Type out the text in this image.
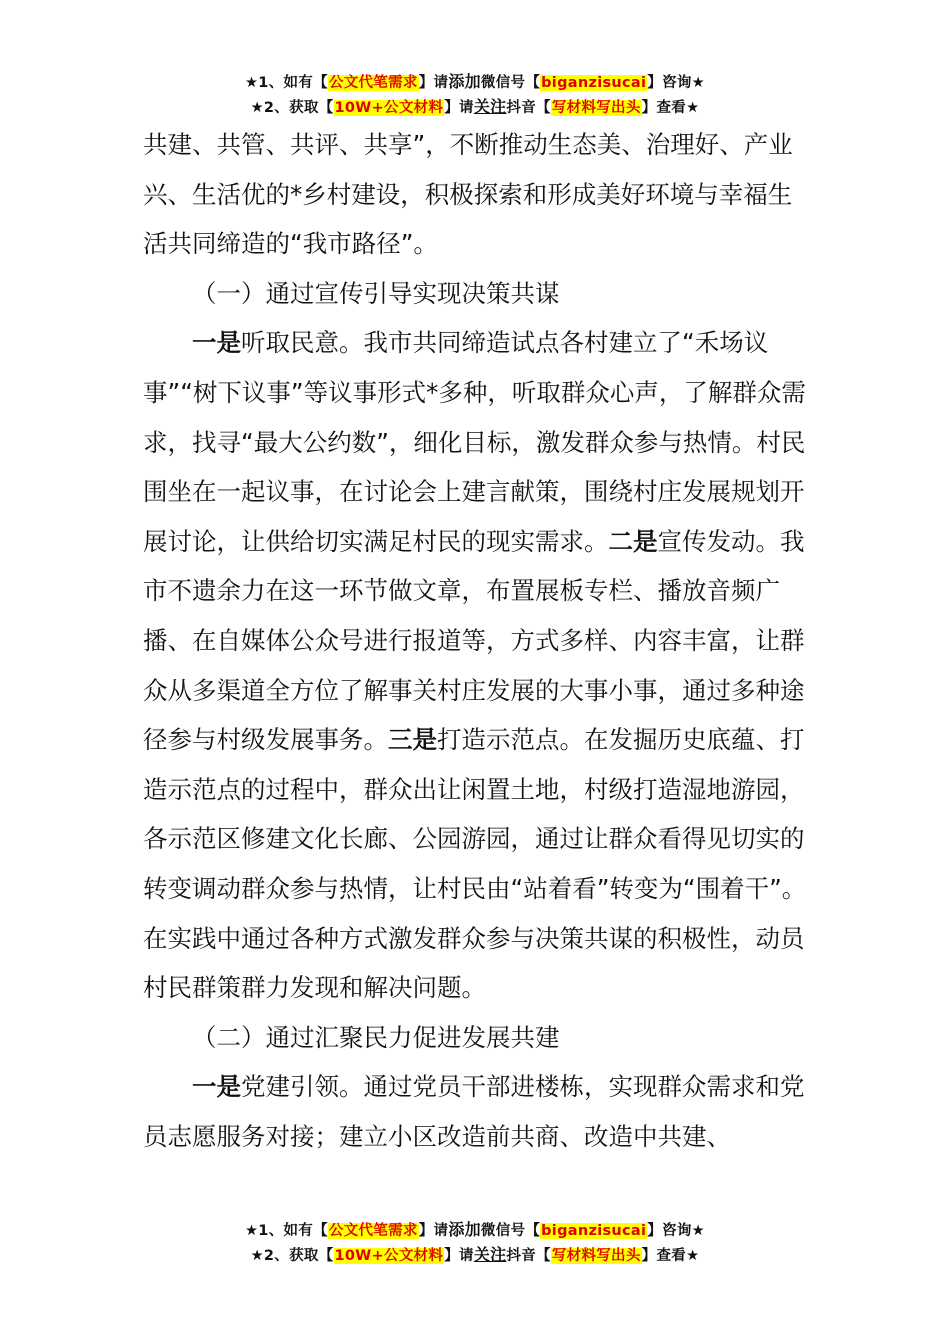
★1、如有【公文代笔需求】请添加微信号【biganzisucai】咨询★
★2、获取【10W+公文材料】请关注抖音【写材料写出头】查看★

共建、共管、共评、共享”，不断推动生态美、治理好、产业兴、生活优的*乡村建设，积极探索和形成美好环境与幸福生活共同缔造的“我市路径”。

（一）通过宣传引导实现决策共谋

一是听取民意。我市共同缔造试点各村建立了“禾场议事”“树下议事”等议事形式*多种，听取群众心声，了解群众需求，找寻“最大公约数”，细化目标，激发群众参与热情。村民围坐在一起议事，在讨论会上建言献策，围绕村庄发展规划开展讨论，让供给切实满足村民的现实需求。二是宣传发动。我市不遗余力在这一环节做文章，布置展板专栏、播放音频广播、在自媒体公众号进行报道等，方式多样、内容丰富，让群众从多渠道全方位了解事关村庄发展的大事小事，通过多种途径参与村级发展事务。三是打造示范点。在发掘历史底蕴、打造示范点的过程中，群众出让闲置土地，村级打造湿地游园，各示范区修建文化长廊、公园游园，通过让群众看得见切实的转变调动群众参与热情，让村民由“站着看”转变为“围着干”。在实践中通过各种方式激发群众参与决策共谋的积极性，动员村民群策群力发现和解决问题。

（二）通过汇聚民力促进发展共建

一是党建引领。通过党员干部进楼栋，实现群众需求和党员志愿服务对接；建立小区改造前共商、改造中共建、

★1、如有【公文代笔需求】请添加微信号【biganzisucai】咨询★
★2、获取【10W+公文材料】请关注抖音【写材料写出头】查看★
